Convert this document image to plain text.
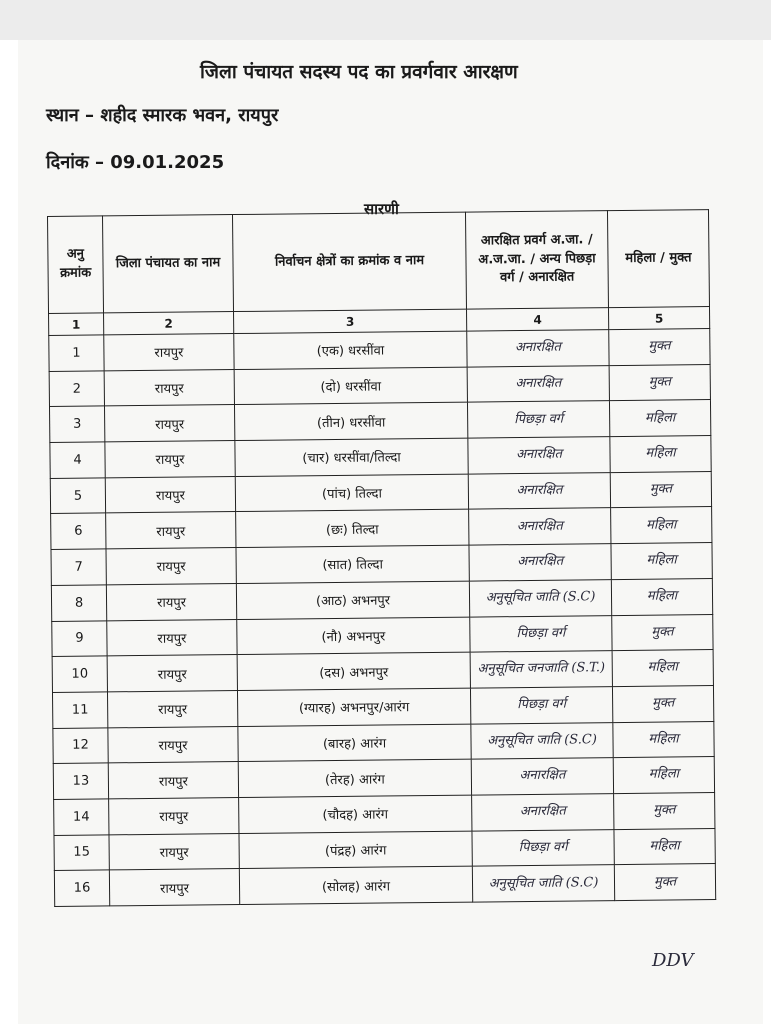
जिला पंचायत सदस्य पद का प्रवर्गवार आरक्षण
स्थान – शहीद स्मारक भवन, रायपुर
दिनांक – 09.01.2025
सारणी
अनु क्रमांक	जिला पंचायत का नाम	निर्वाचन क्षेत्रों का क्रमांक व नाम	आरक्षित प्रवर्ग अ.जा. /अ.ज.जा. / अन्य पिछड़ा वर्ग / अनारक्षित	महिला / मुक्त
1	2	3	4	5
1	रायपुर	(एक) धरसींवा	अनारक्षित	मुक्त
2	रायपुर	(दो) धरसींवा	अनारक्षित	मुक्त
3	रायपुर	(तीन) धरसींवा	पिछड़ा वर्ग	महिला
4	रायपुर	(चार) धरसींवा/तिल्दा	अनारक्षित	महिला
5	रायपुर	(पांच) तिल्दा	अनारक्षित	मुक्त
6	रायपुर	(छः) तिल्दा	अनारक्षित	महिला
7	रायपुर	(सात) तिल्दा	अनारक्षित	महिला
8	रायपुर	(आठ) अभनपुर	अनुसूचित जाति (S.C)	महिला
9	रायपुर	(नौ) अभनपुर	पिछड़ा वर्ग	मुक्त
10	रायपुर	(दस) अभनपुर	अनुसूचित जनजाति (S.T.)	महिला
11	रायपुर	(ग्यारह) अभनपुर/आरंग	पिछड़ा वर्ग	मुक्त
12	रायपुर	(बारह) आरंग	अनुसूचित जाति (S.C)	महिला
13	रायपुर	(तेरह) आरंग	अनारक्षित	महिला
14	रायपुर	(चौदह) आरंग	अनारक्षित	मुक्त
15	रायपुर	(पंद्रह) आरंग	पिछड़ा वर्ग	महिला
16	रायपुर	(सोलह) आरंग	अनुसूचित जाति (S.C)	मुक्त
DDV
